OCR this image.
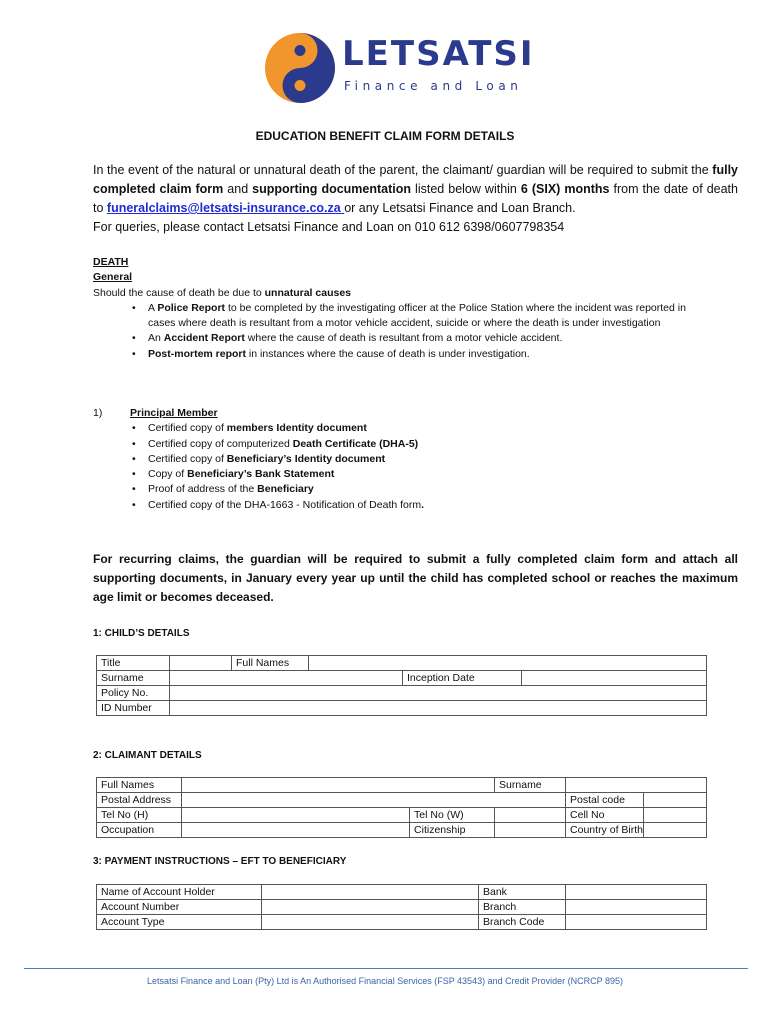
LETSATSI
Finance and Loan
EDUCATION BENEFIT CLAIM FORM DETAILS
In the event of the natural or unnatural death of the parent, the claimant/ guardian will be required to submit the fully completed claim form and supporting documentation listed below within 6 (SIX) months from the date of death to funeralclaims@letsatsi-insurance.co.za or any Letsatsi Finance and Loan Branch.
For queries, please contact Letsatsi Finance and Loan on 010 612 6398/0607798354
DEATH
General
Should the cause of death be due to unnatural causes
• A Police Report to be completed by the investigating officer at the Police Station where the incident was reported in cases where death is resultant from a motor vehicle accident, suicide or where the death is under investigation
• An Accident Report where the cause of death is resultant from a motor vehicle accident.
• Post-mortem report in instances where the cause of death is under investigation.
1)	Principal Member
• Certified copy of members Identity document
• Certified copy of computerized Death Certificate (DHA-5)
• Certified copy of Beneficiary’s Identity document
• Copy of Beneficiary’s Bank Statement
• Proof of address of the Beneficiary
• Certified copy of the DHA-1663 - Notification of Death form.
For recurring claims, the guardian will be required to submit a fully completed claim form and attach all supporting documents, in January every year up until the child has completed school or reaches the maximum age limit or becomes deceased.
1: CHILD’S DETAILS
Title		Full Names			
Surname				Inception Date	
Policy No.					
ID Number					
2: CLAIMANT DETAILS
Full Names			Surname		
Postal Address				Postal code	
Tel No (H)		Tel No (W)		Cell No	
Occupation		Citizenship		Country of Birth	
3: PAYMENT INSTRUCTIONS – EFT TO BENEFICIARY
Name of Account Holder		Bank	
Account Number		Branch	
Account Type		Branch Code	
Letsatsi Finance and Loan (Pty) Ltd is An Authorised Financial Services (FSP 43543) and Credit Provider (NCRCP 895)
